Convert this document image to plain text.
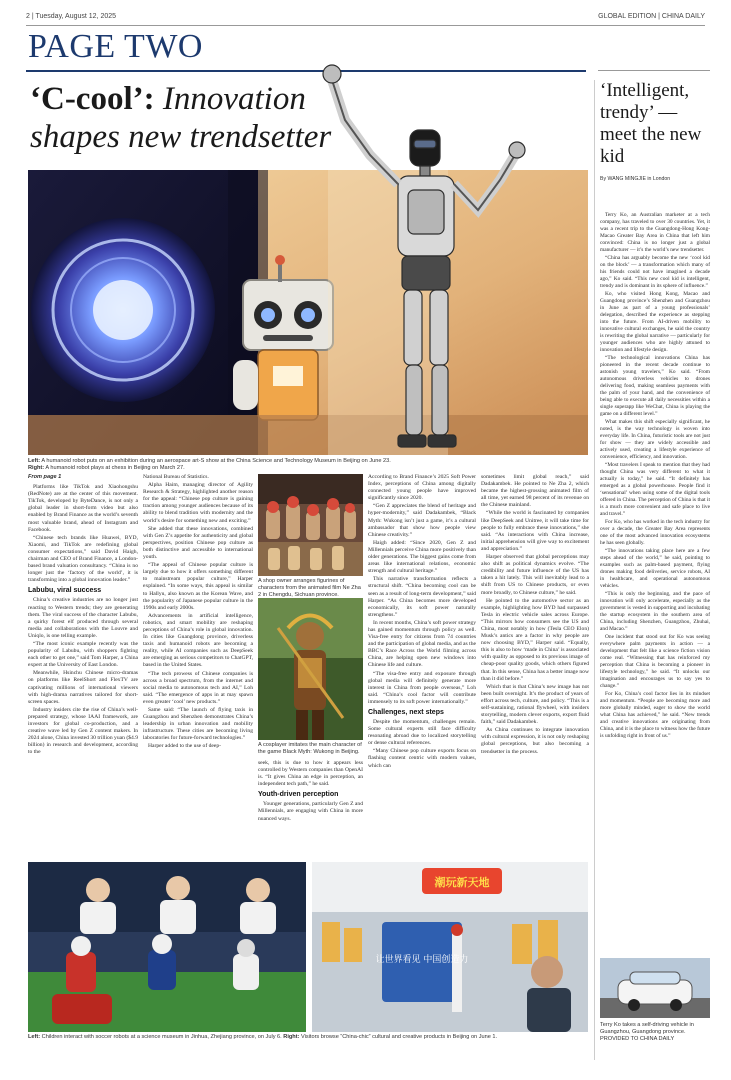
2 | Tuesday, August 12, 2025	GLOBAL EDITION | CHINA DAILY
PAGE TWO
‘C-cool’: Innovation shapes new trendsetter
Left: A humanoid robot puts on an exhibition during an aerospace art-S show at the China Science and Technology Museum in Beijing on June 23.
Right: A humanoid robot plays at chess in Beijing on March 27.

From page 1

Platforms like TikTok and Xiaohongshu (RedNote) are at the center of this movement. TikTok, developed by ByteDance, is not only a global leader in short-form video but also enabled by Brand Finance as the world’s seventh most valuable brand, ahead of Instagram and Facebook.

“Chinese tech brands like Huawei, BYD, Xiaomi, and TikTok are redefining global consumer expectations,” said David Haigh, chairman and CEO of Brand Finance, a London-based brand valuation consultancy. “China is no longer just the ‘factory of the world’, it is transforming into a global innovation leader.”

Labubu, viral success

China’s creative industries are no longer just reacting to Western trends; they are generating them. The viral success of the character Labubu, a quirky forest elf produced through several media and collaborations with the Louvre and Uniqlo, is one telling example.

“The most iconic example recently was the popularity of Labubu, with shoppers fighting each other to get one,” said Tom Harper, a China expert at the University of East London.

Meanwhile, Hsinchu Chinese micro-dramas on platforms like ReelShort and FlexTV are captivating millions of international viewers with high-drama narratives tailored for short-screen spaces.

Industry insiders cite the rise of China’s well-prepared strategy, whose IAAI framework, are investors for global co-production, and a creative wave led by Gen Z content makers. In 2024 alone, China invested 30 trillion yuan ($4.9 billion) in research and development, according to the

National Bureau of Statistics.

Alpha Haim, managing director of Agility Research & Strategy, highlighted another reason for the appeal: “Chinese pop culture is gaining traction among younger audiences because of its ability to blend tradition with modernity and the world’s desire for something new and exciting.”

She added that these innovations, combined with Gen Z’s appetite for authenticity and global perspectives, position Chinese pop culture as both distinctive and accessible to international youth.

“The appeal of Chinese popular culture is largely due to how it offers something different to mainstream popular culture,” Harper explained. “In some ways, this appeal is similar to Hallyu, also known as the Korean Wave, and the popularity of Japanese popular culture in the 1990s and early 2000s.

Advancements in artificial intelligence, robotics, and smart mobility are reshaping perceptions of China’s role in global innovation. In cities like Guangdong province, driverless taxis and humanoid robots are becoming a reality, while AI companies such as DeepSeek are emerging as serious competitors to ChatGPT, based in the United States.

“The tech prowess of Chinese companies is across a broad spectrum, from the internet and social media to autonomous tech and AI,” Loh said. “The emergence of apps in at may spawn even greater ‘cool’ new products.”

Same said: “The launch of flying taxis in Guangzhou and Shenzhen demonstrates China’s leadership in urban innovation and mobility infrastructure. These cities are becoming living laboratories for future-forward technologies.”

Harper added to the use of deep-

A shop owner arranges figurines of characters from the animated film Ne Zha 2 in Chengdu, Sichuan province.
A cosplayer imitates the main character of the game Black Myth: Wukong in Beijing.

seek, this is due to how it appears less controlled by Western companies than OpenAI is. “It gives China an edge in perception, an independent tech path,” he said.

Youth-driven perception

Younger generations, particularly Gen Z and Millennials, are engaging with China in more nuanced ways.

According to Brand Finance’s 2025 Soft Power Index, perceptions of China among digitally connected young people have improved significantly since 2020.

“Gen Z appreciates the blend of heritage and hyper-modernity,” said Dadakambek, “Black Myth: Wukong isn’t just a game, it’s a cultural ambassador that show how people view Chinese creativity.”

Haigh added: “Since 2020, Gen Z and Millennials perceive China more positively than older generations. The biggest gains come from areas like international relations, economic strength and cultural heritage.”

This narrative transformation reflects a structural shift. “China becoming cool can be seen as a result of long-term development,” said Harper. “As China becomes more developed economically, its soft power naturally strengthens.”

In recent months, China’s soft power strategy has gained momentum through policy as well. Visa-free entry for citizens from 74 countries and the participation of global media, and as the BBC’s Race Across the World filming across China, are helping open new windows into Chinese life and culture.

“The visa-free entry and exposure through global media will definitely generate more interest in China from people overseas,” Loh said. “China’s cool factor will contribute immensely to its soft power internationally.”

Challenges, next steps

Despite the momentum, challenges remain. Some cultural experts still face difficulty resonating abroad due to localized storytelling or dense cultural references.

“Many Chinese pop culture exports focus on flashing content centric with modern values, which can

sometimes limit global reach,” said Dadakambek. He pointed to Ne Zha 2, which became the highest-grossing animated film of all time, yet earned 98 percent of its revenue on the Chinese mainland.

“While the world is fascinated by companies like DeepSeek and Unitree, it will take time for people to fully embrace these innovations,” she said. “As interactions with China increase, initial apprehension will give way to excitement and appreciation.”

Harper observed that global perceptions may also shift as political dynamics evolve. “The credibility and future influence of the US has taken a hit lately. This will inevitably lead to a shift from US to Chinese products, or even more broadly, to Chinese culture,” he said.

He pointed to the automotive sector as an example, highlighting how BYD had surpassed Tesla in electric vehicle sales across Europe. “This mirrors how consumers see the US and China, most notably in how (Tesla CEO Elon) Musk’s antics are a factor in why people are now choosing BYD,” Harper said. “Equally, this is also to how ‘made in China’ is associated with quality as opposed to its previous image of cheap-poor quality goods, which others figured that. In this sense, China has a better image now than it did before.”

Which that is that China’s new image has not been built overnight. It’s the product of years of effort across tech, culture, and policy. “This is a self-sustaining, rational flywheel, with insiders storytelling, modern clever exports, export fluid faith,” said Dadakambek.

As China continues to integrate innovation with cultural expression, it is not only reshaping global perceptions, but also becoming a trendsetter in the process.

‘Intelligent, trendy’ — meet the new kid
By WANG MINGJIE in London

Terry Ko, an Australian marketer at a tech company, has traveled to over 30 countries. Yet, it was a recent trip to the Guangdong-Hong Kong-Macao Greater Bay Area in China that left him convinced: China is no longer just a global manufacturer — it’s the world’s new trendsetter.

“China has arguably become the new ‘cool kid on the block’ — a transformation which many of his friends could not have imagined a decade ago,” Ko said. “This new cool kid is intelligent, trendy and is dominant in its sphere of influence.”

Ko, who visited Hong Kong, Macao and Guangdong province’s Shenzhen and Guangzhou in June as part of a young professionals’ delegation, described the experience as stepping into the future. From AI-driven mobility to innovative cultural exchanges, he said the country is rewriting the global narrative — particularly for younger audiences who are highly attuned to innovation and lifestyle design.

“The technological innovations China has pioneered in the recent decade continue to astonish young travelers,” Ko said. “From autonomous driverless vehicles to drones delivering food, making seamless payments with the palm of your hand, and the convenience of being able to execute all daily necessities within a single superapp like WeChat, China is playing the game on a different level.”

What makes this shift especially significant, he noted, is the way technology is woven into everyday life. In China, futuristic tools are not just for show — they are widely accessible and actively used, creating a lifestyle experience of convenience, efficiency, and innovation.

“Most travelers I speak to mention that they had thought China was very different to what it actually is today,” he said. “It definitely has emerged as a global powerhouse. People find it ‘sensational’ when using some of the digital tools offered in China. The perception of China is that it is a much more convenient and safe place to live and travel.”

For Ko, who has worked in the tech industry for over a decade, the Greater Bay Area represents one of the most advanced innovation ecosystems he has seen globally.

“The innovations taking place here are a few steps ahead of the world,” he said, pointing to examples such as palm-based payment, flying drones making food deliveries, service robots, AI in healthcare, and operational autonomous vehicles.

“This is only the beginning, and the pace of innovation will only accelerate, especially as the government is vested in supporting and incubating the startup ecosystem in the southern area of China, including Shenzhen, Guangzhou, Zhuhai, and Macao.”

One incident that stood out for Ko was seeing everywhere palm payments in action — a development that felt like a science fiction vision come real. “Witnessing that has reinforced my perception that China is becoming a pioneer in lifestyle technology,” he said. “It unlocks our imagination and encourages us to say yes to change.”

For Ko, China’s cool factor lies in its mindset and momentum. “People are becoming more and more globally minded, eager to show the world what China has achieved,” he said. “New trends and creative innovations are originating from China, and it is the place to witness how the future is unfolding right in front of us.”

让世界看见 中国创造力
潮玩新天地
Left: Children interact with soccer robots at a science museum in Jinhua, Zhejiang province, on July 6. Right: Visitors browse “China-chic” cultural and creative products in Beijing on June 1.
Terry Ko takes a self-driving vehicle in Guangzhou, Guangdong province. PROVIDED TO CHINA DAILY
